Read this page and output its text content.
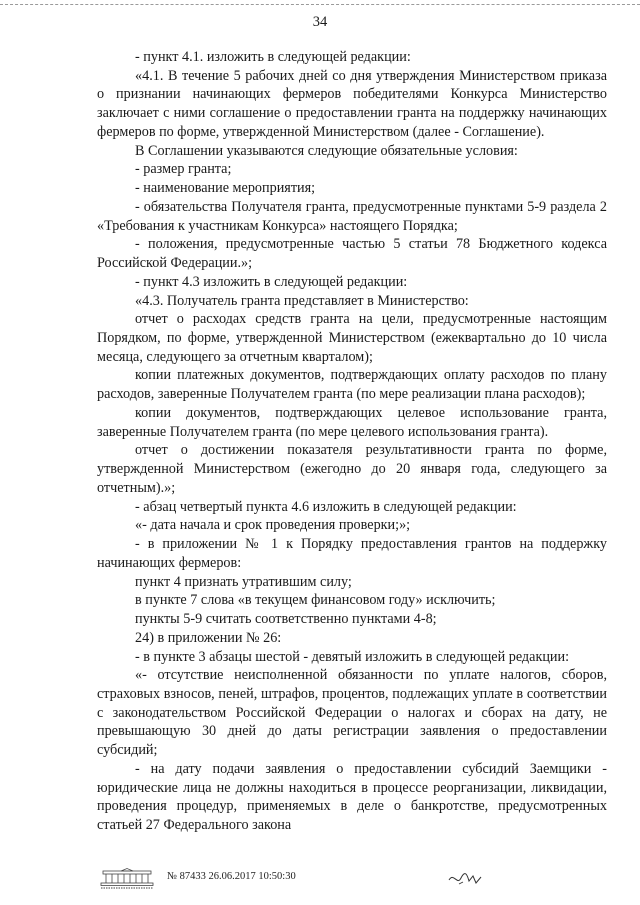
34

- пункт 4.1. изложить в следующей редакции:

«4.1. В течение 5 рабочих дней со дня утверждения Министерством приказа о признании начинающих фермеров победителями Конкурса Министерство заключает с ними соглашение о предоставлении гранта на поддержку начинающих фермеров по форме, утвержденной Министерством (далее - Соглашение).

В Соглашении указываются следующие обязательные условия:

- размер гранта;

- наименование мероприятия;

- обязательства Получателя гранта, предусмотренные пунктами 5-9 раздела 2 «Требования к участникам Конкурса» настоящего Порядка;

- положения, предусмотренные частью 5 статьи 78 Бюджетного кодекса Российской Федерации.»;

- пункт 4.3 изложить в следующей редакции:

«4.3. Получатель гранта представляет в Министерство:

отчет о расходах средств гранта на цели, предусмотренные настоящим Порядком, по форме, утвержденной Министерством (ежеквартально до 10 числа месяца, следующего за отчетным кварталом);

копии платежных документов, подтверждающих оплату расходов по плану расходов, заверенные Получателем гранта (по мере реализации плана расходов);

копии документов, подтверждающих целевое использование гранта, заверенные Получателем гранта (по мере целевого использования гранта).

отчет о достижении показателя результативности гранта по форме, утвержденной Министерством (ежегодно до 20 января года, следующего за отчетным).»;

- абзац четвертый пункта 4.6 изложить в следующей редакции:

«- дата начала и срок проведения проверки;»;

- в приложении № 1 к Порядку предоставления грантов на поддержку начинающих фермеров:

пункт 4 признать утратившим силу;

в пункте 7 слова «в текущем финансовом году» исключить;

пункты 5-9 считать соответственно пунктами 4-8;

24) в приложении № 26:

- в пункте 3 абзацы шестой - девятый изложить в следующей редакции:

«- отсутствие неисполненной обязанности по уплате налогов, сборов, страховых взносов, пеней, штрафов, процентов, подлежащих уплате в соответствии с законодательством Российской Федерации о налогах и сборах на дату, не превышающую 30 дней до даты регистрации заявления о предоставлении субсидий;

- на дату подачи заявления о предоставлении субсидий Заемщики - юридические лица не должны находиться в процессе реорганизации, ликвидации, проведения процедур, применяемых в деле о банкротстве, предусмотренных статьей 27 Федерального закона

№ 87433 26.06.2017 10:50:30
